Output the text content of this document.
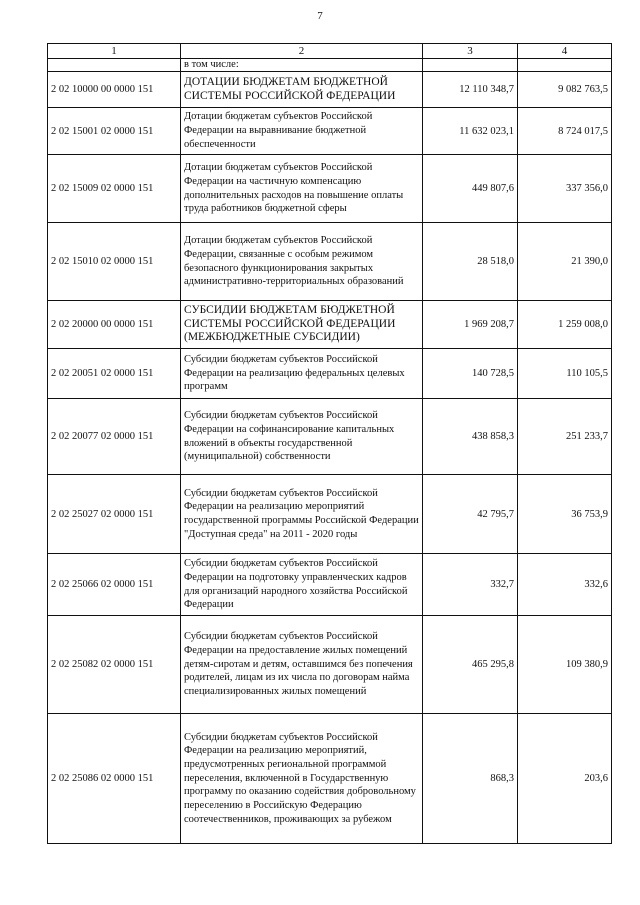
7
1	2	3	4
	в том числе:		
2 02 10000 00 0000 151	ДОТАЦИИ БЮДЖЕТАМ БЮДЖЕТНОЙ СИСТЕМЫ РОССИЙСКОЙ ФЕДЕРАЦИИ	12 110 348,7	9 082 763,5
2 02 15001 02 0000 151	Дотации бюджетам субъектов Российской Федерации на выравнивание бюджетной обеспеченности	11 632 023,1	8 724 017,5
2 02 15009 02 0000 151	Дотации бюджетам субъектов Российской Федерации на частичную компенсацию дополнительных расходов на повышение оплаты труда работников бюджетной сферы	449 807,6	337 356,0
2 02 15010 02 0000 151	Дотации бюджетам субъектов Российской Федерации, связанные с особым режимом безопасного функционирования закрытых административно-территориальных образований	28 518,0	21 390,0
2 02 20000 00 0000 151	СУБСИДИИ БЮДЖЕТАМ БЮДЖЕТНОЙ СИСТЕМЫ РОССИЙСКОЙ ФЕДЕРАЦИИ (МЕЖБЮДЖЕТНЫЕ СУБСИДИИ)	1 969 208,7	1 259 008,0
2 02 20051 02 0000 151	Субсидии бюджетам субъектов Российской Федерации на реализацию федеральных целевых программ	140 728,5	110 105,5
2 02 20077 02 0000 151	Субсидии бюджетам субъектов Российской Федерации на софинансирование капитальных вложений в объекты государственной (муниципальной) собственности	438 858,3	251 233,7
2 02 25027 02 0000 151	Субсидии бюджетам субъектов Российской Федерации на реализацию мероприятий государственной программы Российской Федерации "Доступная среда" на 2011 - 2020 годы	42 795,7	36 753,9
2 02 25066 02 0000 151	Субсидии бюджетам субъектов Российской Федерации на подготовку управленческих кадров для организаций народного хозяйства Российской Федерации	332,7	332,6
2 02 25082 02 0000 151	Субсидии бюджетам субъектов Российской Федерации на предоставление жилых помещений детям-сиротам и детям, оставшимся без попечения родителей, лицам из их числа по договорам найма специализированных жилых помещений	465 295,8	109 380,9
2 02 25086 02 0000 151	Субсидии бюджетам субъектов Российской Федерации на реализацию мероприятий, предусмотренных региональной программой переселения, включенной в Государственную программу по оказанию содействия добровольному переселению в Российскую Федерацию соотечественников, проживающих за рубежом	868,3	203,6
